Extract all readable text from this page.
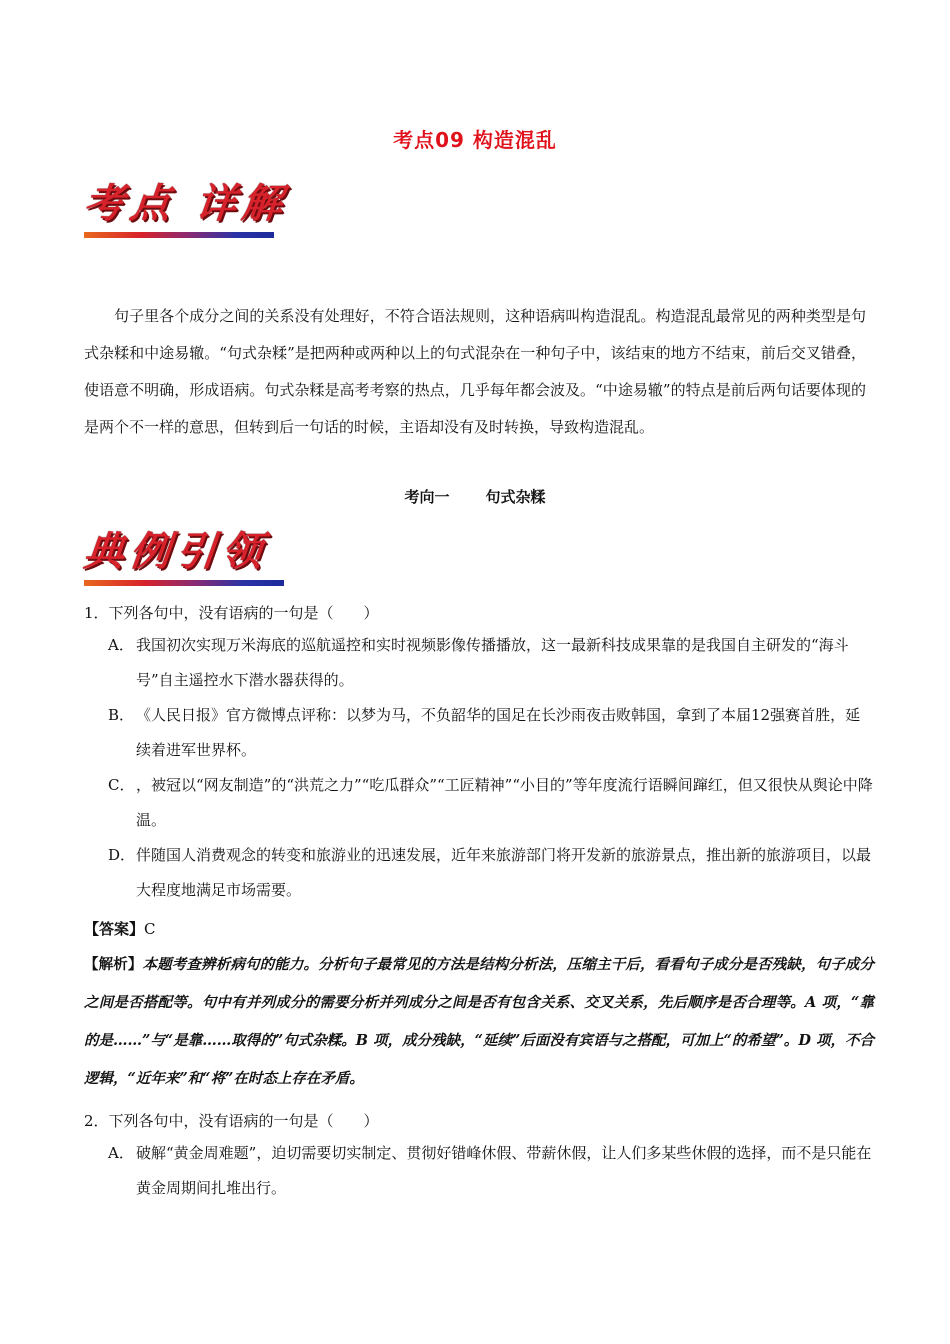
考点09 构造混乱
考点 详解
句子里各个成分之间的关系没有处理好，不符合语法规则，这种语病叫构造混乱。构造混乱最常见的两种类型是句式杂糅和中途易辙。“句式杂糅”是把两种或两种以上的句式混杂在一种句子中，该结束的地方不结束，前后交叉错叠，使语意不明确，形成语病。句式杂糅是高考考察的热点，几乎每年都会波及。“中途易辙”的特点是前后两句话要体现的是两个不一样的意思，但转到后一句话的时候，主语却没有及时转换，导致构造混乱。
考向一 句式杂糅
典例引领
1．下列各句中，没有语病的一句是（　　）
A． 我国初次实现万米海底的巡航遥控和实时视频影像传播播放，这一最新科技成果靠的是我国自主研发的“海斗号”自主遥控水下潜水器获得的。
B． 《人民日报》官方微博点评称：以梦为马，不负韶华的国足在长沙雨夜击败韩国，拿到了本届12强赛首胜，延续着进军世界杯。
C． ，被冠以“网友制造”的“洪荒之力”“吃瓜群众”“工匠精神”“小目的”等年度流行语瞬间蹿红，但又很快从舆论中降温。
D． 伴随国人消费观念的转变和旅游业的迅速发展，近年来旅游部门将开发新的旅游景点，推出新的旅游项目，以最大程度地满足市场需要。
【答案】C
【解析】本题考查辨析病句的能力。分析句子最常见的方法是结构分析法，压缩主干后，看看句子成分是否残缺，句子成分之间是否搭配等。句中有并列成分的需要分析并列成分之间是否有包含关系、交叉关系，先后顺序是否合理等。A 项，“靠的是……”与“是靠……取得的”句式杂糅。B 项，成分残缺，“延续”后面没有宾语与之搭配，可加上“的希望”。D 项，不合逻辑，“近年来”和“将”在时态上存在矛盾。
2．下列各句中，没有语病的一句是（　　）
A． 破解“黄金周难题”，迫切需要切实制定、贯彻好错峰休假、带薪休假，让人们多某些休假的选择，而不是只能在黄金周期间扎堆出行。
